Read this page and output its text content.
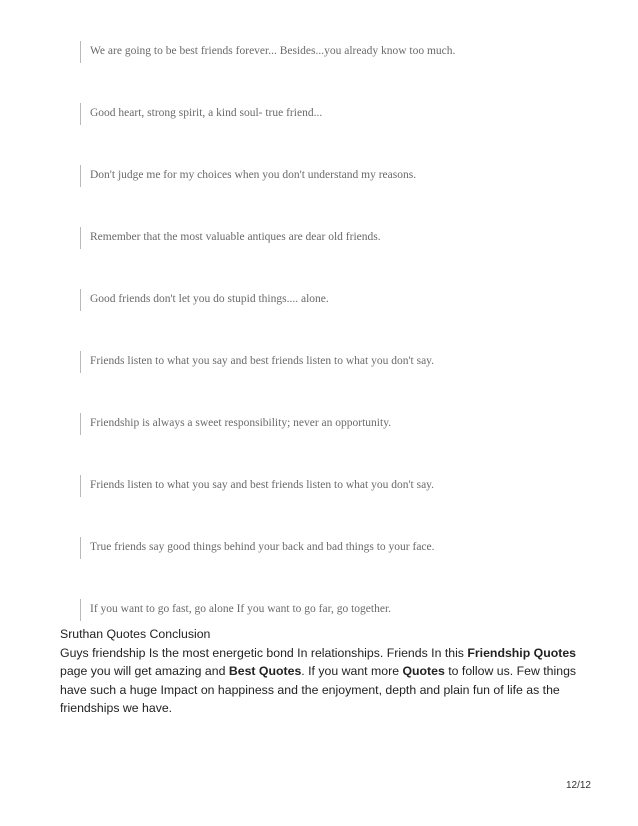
We are going to be best friends forever... Besides...you already know too much.
Good heart, strong spirit, a kind soul- true friend...
Don't judge me for my choices when you don't understand my reasons.
Remember that the most valuable antiques are dear old friends.
Good friends don't let you do stupid things.... alone.
Friends listen to what you say and best friends listen to what you don't say.
Friendship is always a sweet responsibility; never an opportunity.
Friends listen to what you say and best friends listen to what you don't say.
True friends say good things behind your back and bad things to your face.
If you want to go fast, go alone If you want to go far, go together.

Sruthan Quotes Conclusion

Guys friendship Is the most energetic bond In relationships. Friends In this Friendship Quotes page you will get amazing and Best Quotes. If you want more Quotes to follow us. Few things have such a huge Impact on happiness and the enjoyment, depth and plain fun of life as the friendships we have.

12/12
